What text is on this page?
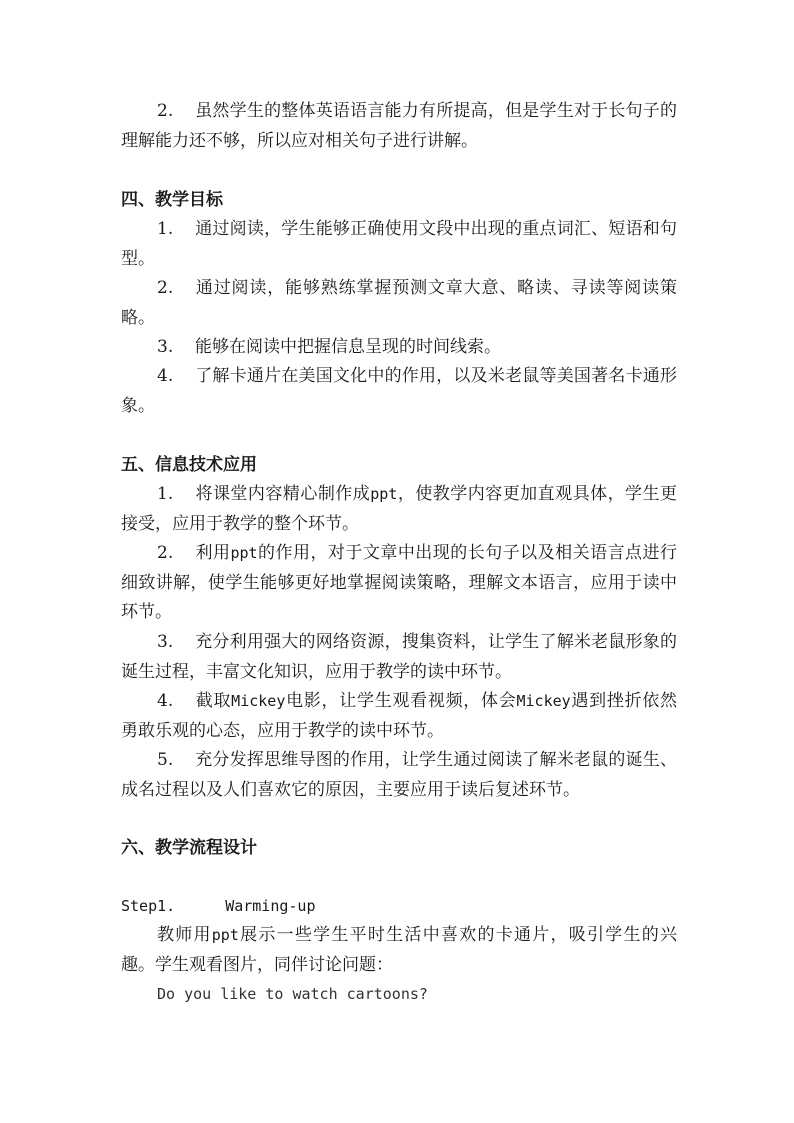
2. 虽然学生的整体英语语言能力有所提高，但是学生对于长句子的理解能力还不够，所以应对相关句子进行讲解。

四、教学目标

1. 通过阅读，学生能够正确使用文段中出现的重点词汇、短语和句型。

2. 通过阅读，能够熟练掌握预测文章大意、略读、寻读等阅读策略。

3. 能够在阅读中把握信息呈现的时间线索。

4. 了解卡通片在美国文化中的作用，以及米老鼠等美国著名卡通形象。

五、信息技术应用

1. 将课堂内容精心制作成ppt，使教学内容更加直观具体，学生更接受，应用于教学的整个环节。

2. 利用ppt的作用，对于文章中出现的长句子以及相关语言点进行细致讲解，使学生能够更好地掌握阅读策略，理解文本语言，应用于读中环节。

3. 充分利用强大的网络资源，搜集资料，让学生了解米老鼠形象的诞生过程，丰富文化知识，应用于教学的读中环节。

4. 截取Mickey电影，让学生观看视频，体会Mickey遇到挫折依然勇敢乐观的心态，应用于教学的读中环节。

5. 充分发挥思维导图的作用，让学生通过阅读了解米老鼠的诞生、成名过程以及人们喜欢它的原因，主要应用于读后复述环节。

六、教学流程设计

Step1.	Warming-up

教师用ppt展示一些学生平时生活中喜欢的卡通片，吸引学生的兴趣。学生观看图片，同伴讨论问题：

Do you like to watch cartoons?
